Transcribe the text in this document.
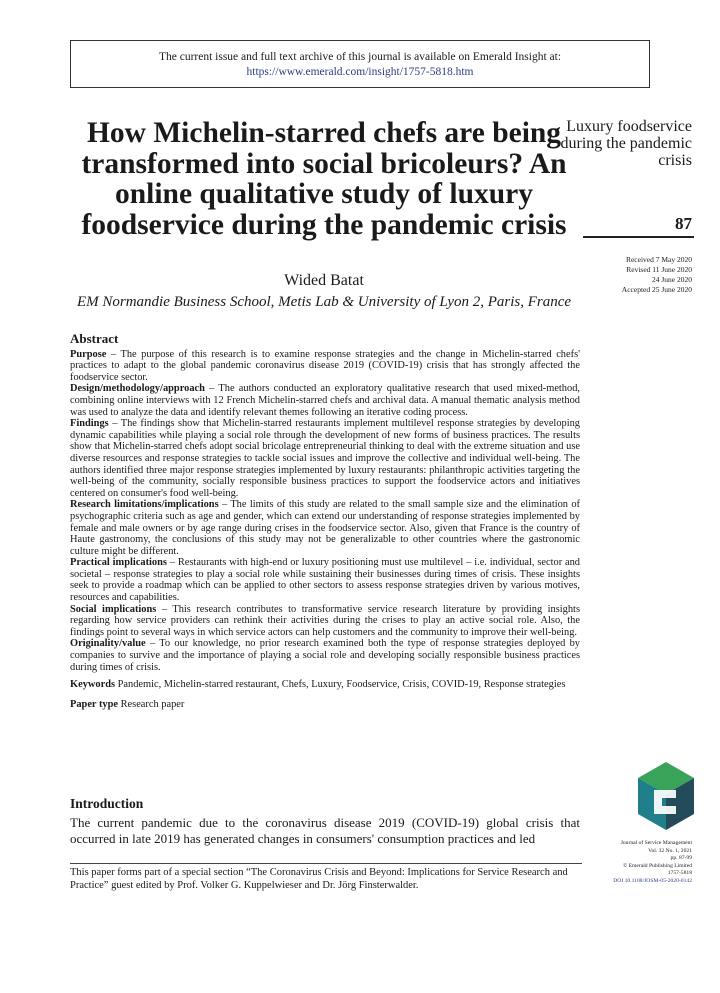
The current issue and full text archive of this journal is available on Emerald Insight at:
https://www.emerald.com/insight/1757-5818.htm
How Michelin-starred chefs are being transformed into social bricoleurs? An online qualitative study of luxury foodservice during the pandemic crisis
Wided Batat
EM Normandie Business School, Metis Lab & University of Lyon 2, Paris, France
Luxury foodservice during the pandemic crisis
87
Received 7 May 2020
Revised 11 June 2020
24 June 2020
Accepted 25 June 2020
Abstract

Purpose – The purpose of this research is to examine response strategies and the change in Michelin-starred chefs' practices to adapt to the global pandemic coronavirus disease 2019 (COVID-19) crisis that has strongly affected the foodservice sector.

Design/methodology/approach – The authors conducted an exploratory qualitative research that used mixed-method, combining online interviews with 12 French Michelin-starred chefs and archival data. A manual thematic analysis method was used to analyze the data and identify relevant themes following an iterative coding process.

Findings – The findings show that Michelin-starred restaurants implement multilevel response strategies by developing dynamic capabilities while playing a social role through the development of new forms of business practices. The results show that Michelin-starred chefs adopt social bricolage entrepreneurial thinking to deal with the extreme situation and use diverse resources and response strategies to tackle social issues and improve the collective and individual well-being. The authors identified three major response strategies implemented by luxury restaurants: philanthropic activities targeting the well-being of the community, socially responsible business practices to support the foodservice actors and initiatives centered on consumer's food well-being.

Research limitations/implications – The limits of this study are related to the small sample size and the elimination of psychographic criteria such as age and gender, which can extend our understanding of response strategies implemented by female and male owners or by age range during crises in the foodservice sector. Also, given that France is the country of Haute gastronomy, the conclusions of this study may not be generalizable to other countries where the gastronomic culture might be different.

Practical implications – Restaurants with high-end or luxury positioning must use multilevel – i.e. individual, sector and societal – response strategies to play a social role while sustaining their businesses during times of crisis. These insights seek to provide a roadmap which can be applied to other sectors to assess response strategies driven by various motives, resources and capabilities.

Social implications – This research contributes to transformative service research literature by providing insights regarding how service providers can rethink their activities during the crises to play an active social role. Also, the findings point to several ways in which service actors can help customers and the community to improve their well-being.

Originality/value – To our knowledge, no prior research examined both the type of response strategies deployed by companies to survive and the importance of playing a social role and developing socially responsible business practices during times of crisis.

Keywords Pandemic, Michelin-starred restaurant, Chefs, Luxury, Foodservice, Crisis, COVID-19, Response strategies

Paper type Research paper

Introduction

The current pandemic due to the coronavirus disease 2019 (COVID-19) global crisis that occurred in late 2019 has generated changes in consumers' consumption practices and led

This paper forms part of a special section “The Coronavirus Crisis and Beyond: Implications for Service Research and Practice” guest edited by Prof. Volker G. Kuppelwieser and Dr. Jörg Finsterwalder.
Journal of Service Management
Vol. 32 No. 1, 2021
pp. 87-99
© Emerald Publishing Limited
1757-5818
DOI 10.1108/JOSM-05-2020-0142
